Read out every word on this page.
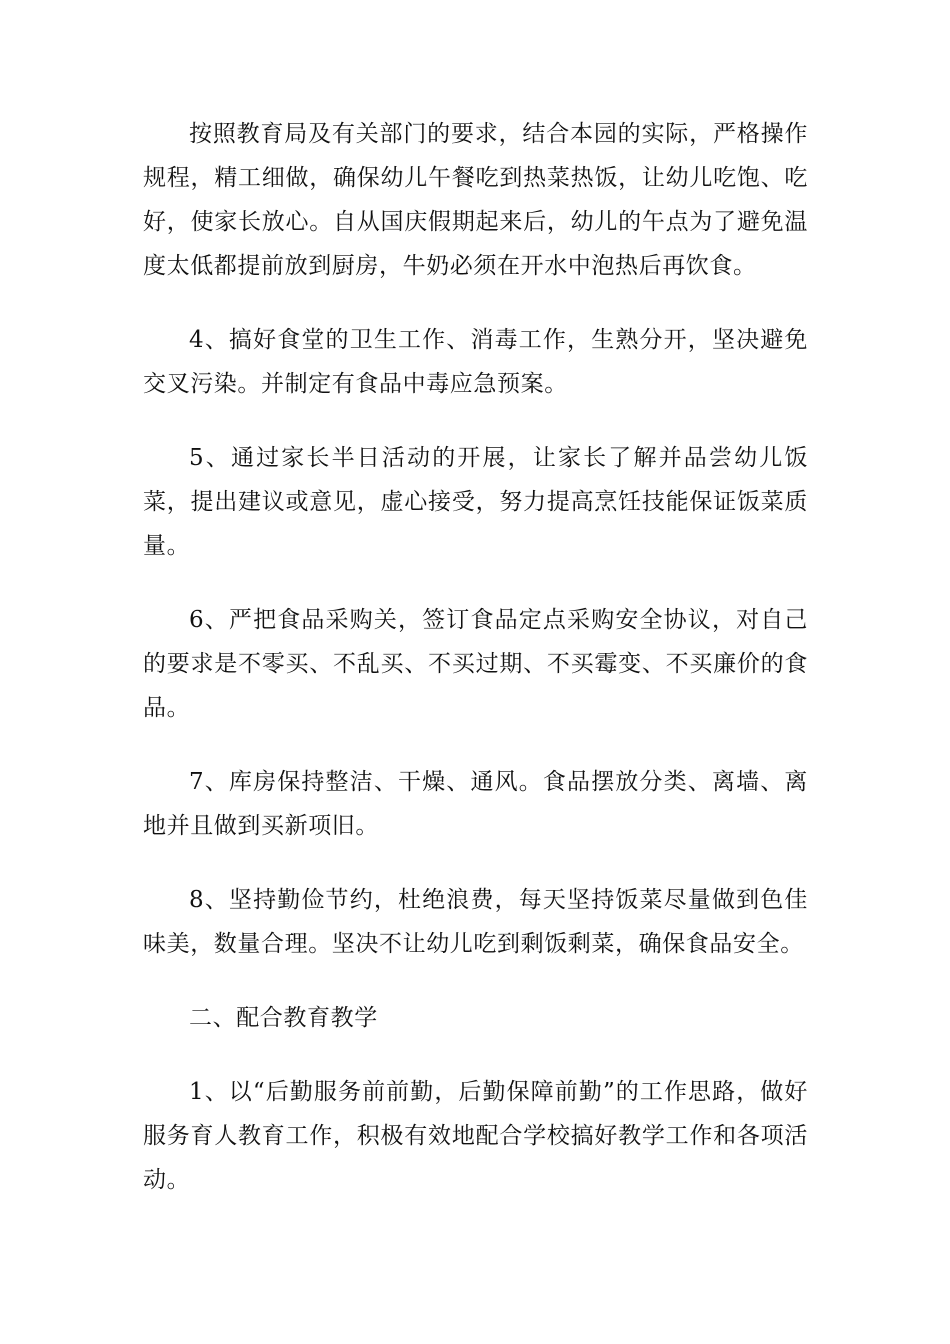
按照教育局及有关部门的要求，结合本园的实际，严格操作规程，精工细做，确保幼儿午餐吃到热菜热饭，让幼儿吃饱、吃好，使家长放心。自从国庆假期起来后，幼儿的午点为了避免温度太低都提前放到厨房，牛奶必须在开水中泡热后再饮食。

4、搞好食堂的卫生工作、消毒工作，生熟分开，坚决避免交叉污染。并制定有食品中毒应急预案。

5、通过家长半日活动的开展，让家长了解并品尝幼儿饭菜，提出建议或意见，虚心接受，努力提高烹饪技能保证饭菜质量。

6、严把食品采购关，签订食品定点采购安全协议，对自己的要求是不零买、不乱买、不买过期、不买霉变、不买廉价的食品。

7、库房保持整洁、干燥、通风。食品摆放分类、离墙、离地并且做到买新项旧。

8、坚持勤俭节约，杜绝浪费，每天坚持饭菜尽量做到色佳味美，数量合理。坚决不让幼儿吃到剩饭剩菜，确保食品安全。

二、配合教育教学

1、以“后勤服务前前勤，后勤保障前勤”的工作思路，做好服务育人教育工作，积极有效地配合学校搞好教学工作和各项活动。
